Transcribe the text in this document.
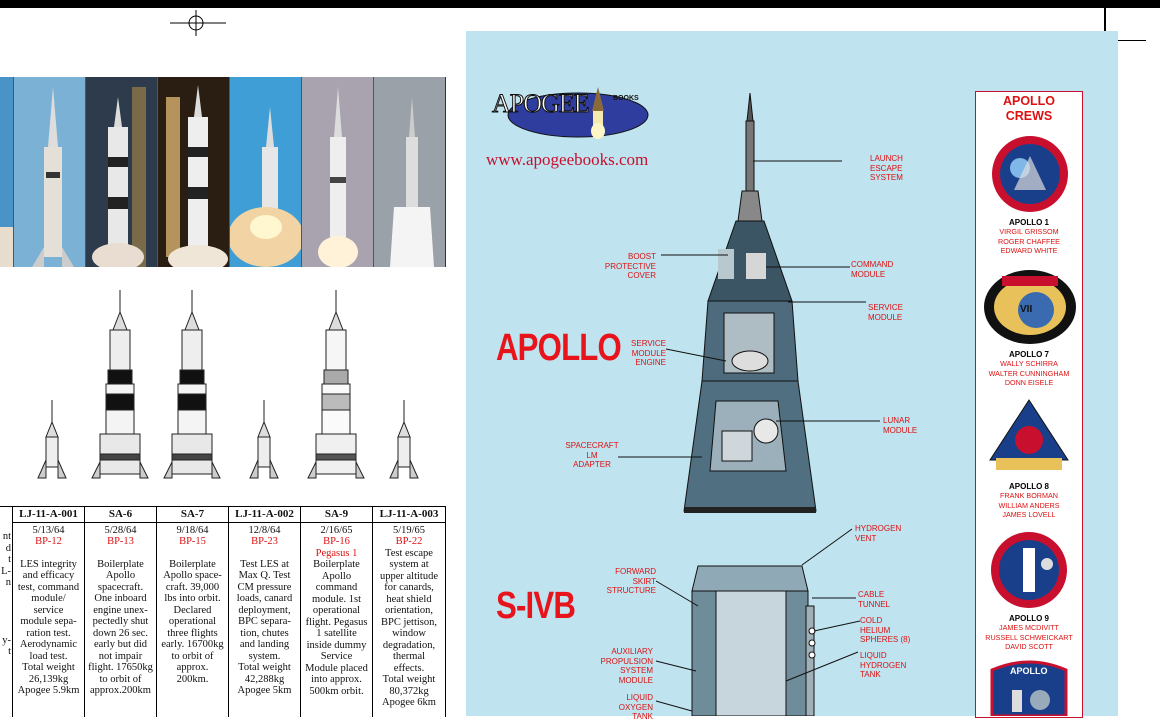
nt
d
t
L-
n
y-
t
LJ-11-A-001
5/13/64
BP-12
LES integrity
and efficacy
test, command
module/
service
module sepa-
ration test.
Aerodynamic
load test.
Total weight
26,139kg
Apogee 5.9km
SA-6
5/28/64
BP-13
Boilerplate
Apollo
spacecraft.
One inboard
engine unex-
pectedly shut
down 26 sec.
early but did
not impair
flight. 17650kg
to orbit of
approx.200km
SA-7
9/18/64
BP-15
Boilerplate
Apollo space-
craft. 39,000
lbs into orbit.
Declared
operational
three flights
early. 16700kg
to orbit of
approx.
200km.
LJ-11-A-002
12/8/64
BP-23
Test LES at
Max Q. Test
CM pressure
loads, canard
deployment,
BPC separa-
tion, chutes
and landing
system.
Total weight
42,288kg
Apogee 5km
SA-9
2/16/65
BP-16
Pegasus 1
Boilerplate
Apollo
command
module. 1st
operational
flight. Pegasus
1 satellite
inside dummy
Service
Module placed
into approx.
500km orbit.
LJ-11-A-003
5/19/65
BP-22
Test escape
system at
upper altitude
for canards,
heat shield
orientation,
BPC jettison,
window
degradation,
thermal
effects.
Total weight
80,372kg
Apogee 6km
APOGEE	BOOKS
www.apogeebooks.com
APOLLO
S-IVB
LAUNCH
ESCAPE
SYSTEM
BOOST
PROTECTIVE
COVER
COMMAND
MODULE
SERVICE
MODULE
SERVICE
MODULE
ENGINE
LUNAR
MODULE
SPACECRAFT
LM
ADAPTER
HYDROGEN
VENT
FORWARD
SKIRT
STRUCTURE	CABLE
TUNNEL
COLD
HELIUM
SPHERES (8)
AUXILIARY
PROPULSION
SYSTEM
MODULE
LIQUID
HYDROGEN
TANK
LIQUID
OXYGEN
TANK
APOLLO
CREWS
APOLLO 1
VIRGIL GRISSOM
ROGER CHAFFEE
EDWARD WHITE
VII
APOLLO 7
WALLY SCHIRRA
WALTER CUNNINGHAM
DONN EISELE
APOLLO 8
FRANK BORMAN
WILLIAM ANDERS
JAMES LOVELL
APOLLO 9
JAMES MCDIVITT
RUSSELL SCHWEICKART
DAVID SCOTT
APOLLO
